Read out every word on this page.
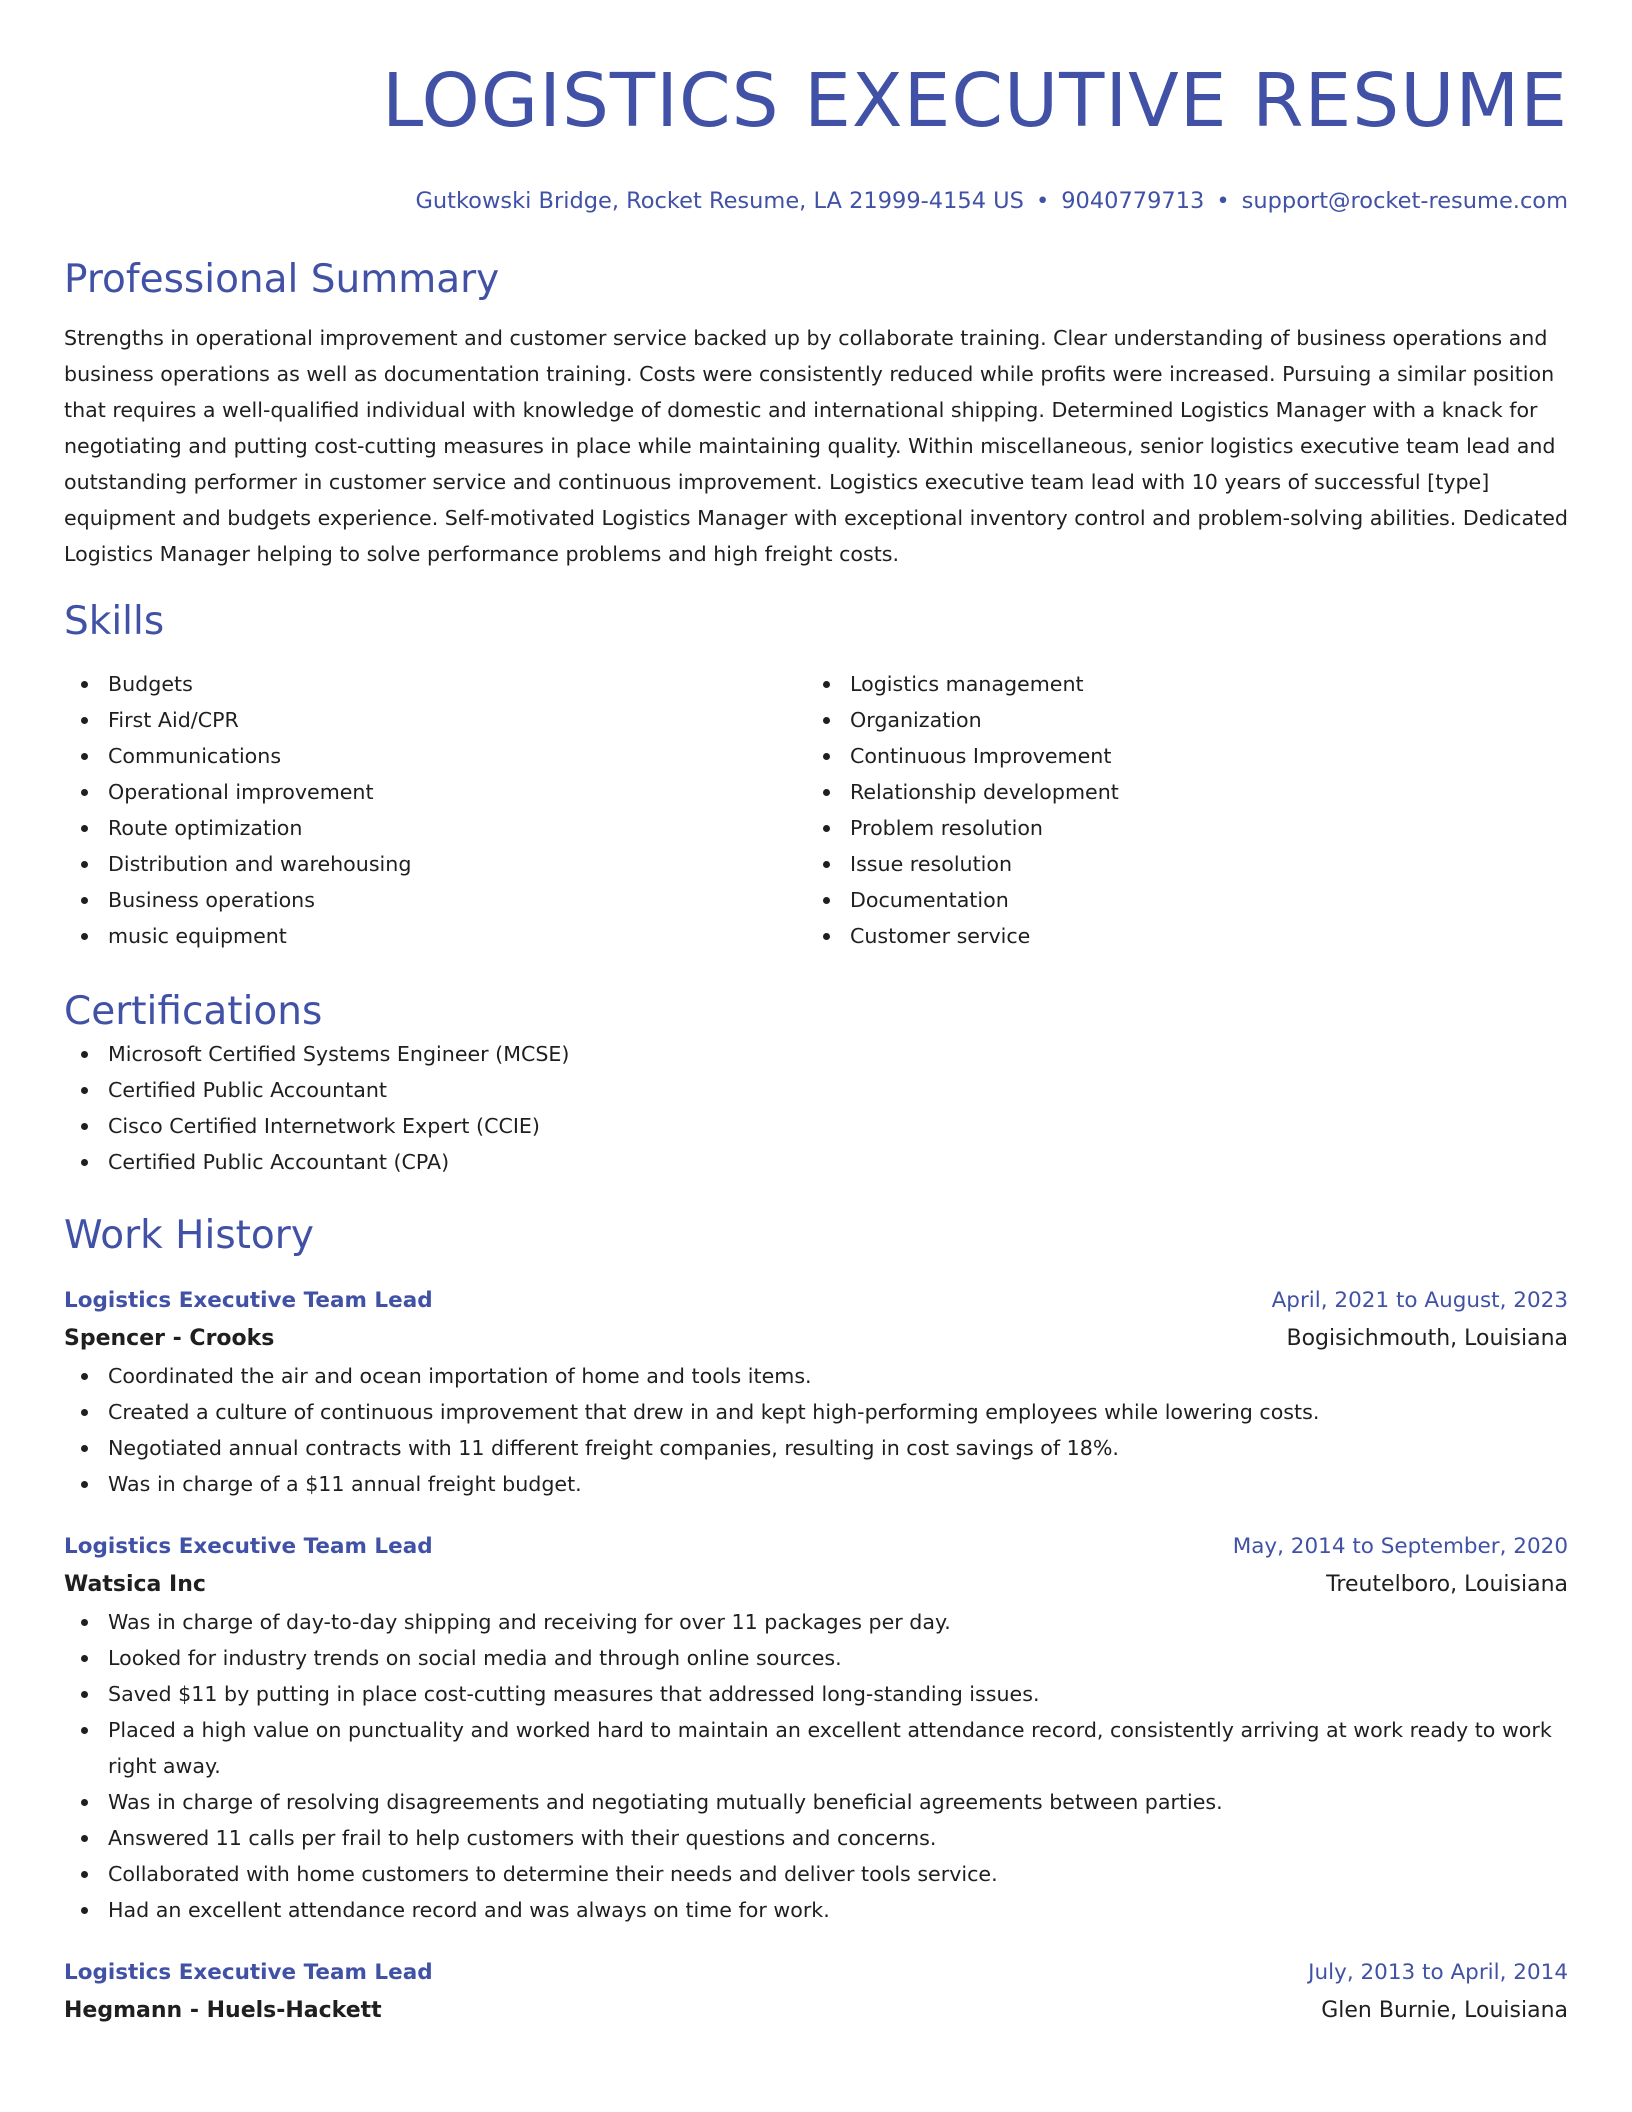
LOGISTICS EXECUTIVE RESUME
Gutkowski Bridge, Rocket Resume, LA 21999-4154 US • 9040779713 • support@rocket-resume.com
Professional Summary

Strengths in operational improvement and customer service backed up by collaborate training. Clear understanding of business operations and business operations as well as documentation training. Costs were consistently reduced while profits were increased. Pursuing a similar position that requires a well-qualified individual with knowledge of domestic and international shipping. Determined Logistics Manager with a knack for negotiating and putting cost-cutting measures in place while maintaining quality. Within miscellaneous, senior logistics executive team lead and outstanding performer in customer service and continuous improvement. Logistics executive team lead with 10 years of successful [type] equipment and budgets experience. Self-motivated Logistics Manager with exceptional inventory control and problem-solving abilities. Dedicated Logistics Manager helping to solve performance problems and high freight costs.

Skills
Budgets
First Aid/CPR
Communications
Operational improvement
Route optimization
Distribution and warehousing
Business operations
music equipment
Logistics management
Organization
Continuous Improvement
Relationship development
Problem resolution
Issue resolution
Documentation
Customer service
Certifications
Microsoft Certified Systems Engineer (MCSE)
Certified Public Accountant
Cisco Certified Internetwork Expert (CCIE)
Certified Public Accountant (CPA)
Work History
Logistics Executive Team Lead	April, 2021 to August, 2023
Spencer - Crooks	Bogisichmouth, Louisiana
Coordinated the air and ocean importation of home and tools items.
Created a culture of continuous improvement that drew in and kept high-performing employees while lowering costs.
Negotiated annual contracts with 11 different freight companies, resulting in cost savings of 18%.
Was in charge of a $11 annual freight budget.
Logistics Executive Team Lead	May, 2014 to September, 2020
Watsica Inc	Treutelboro, Louisiana
Was in charge of day-to-day shipping and receiving for over 11 packages per day.
Looked for industry trends on social media and through online sources.
Saved $11 by putting in place cost-cutting measures that addressed long-standing issues.
Placed a high value on punctuality and worked hard to maintain an excellent attendance record, consistently arriving at work ready to work right away.
Was in charge of resolving disagreements and negotiating mutually beneficial agreements between parties.
Answered 11 calls per frail to help customers with their questions and concerns.
Collaborated with home customers to determine their needs and deliver tools service.
Had an excellent attendance record and was always on time for work.
Logistics Executive Team Lead	July, 2013 to April, 2014
Hegmann - Huels-Hackett	Glen Burnie, Louisiana
